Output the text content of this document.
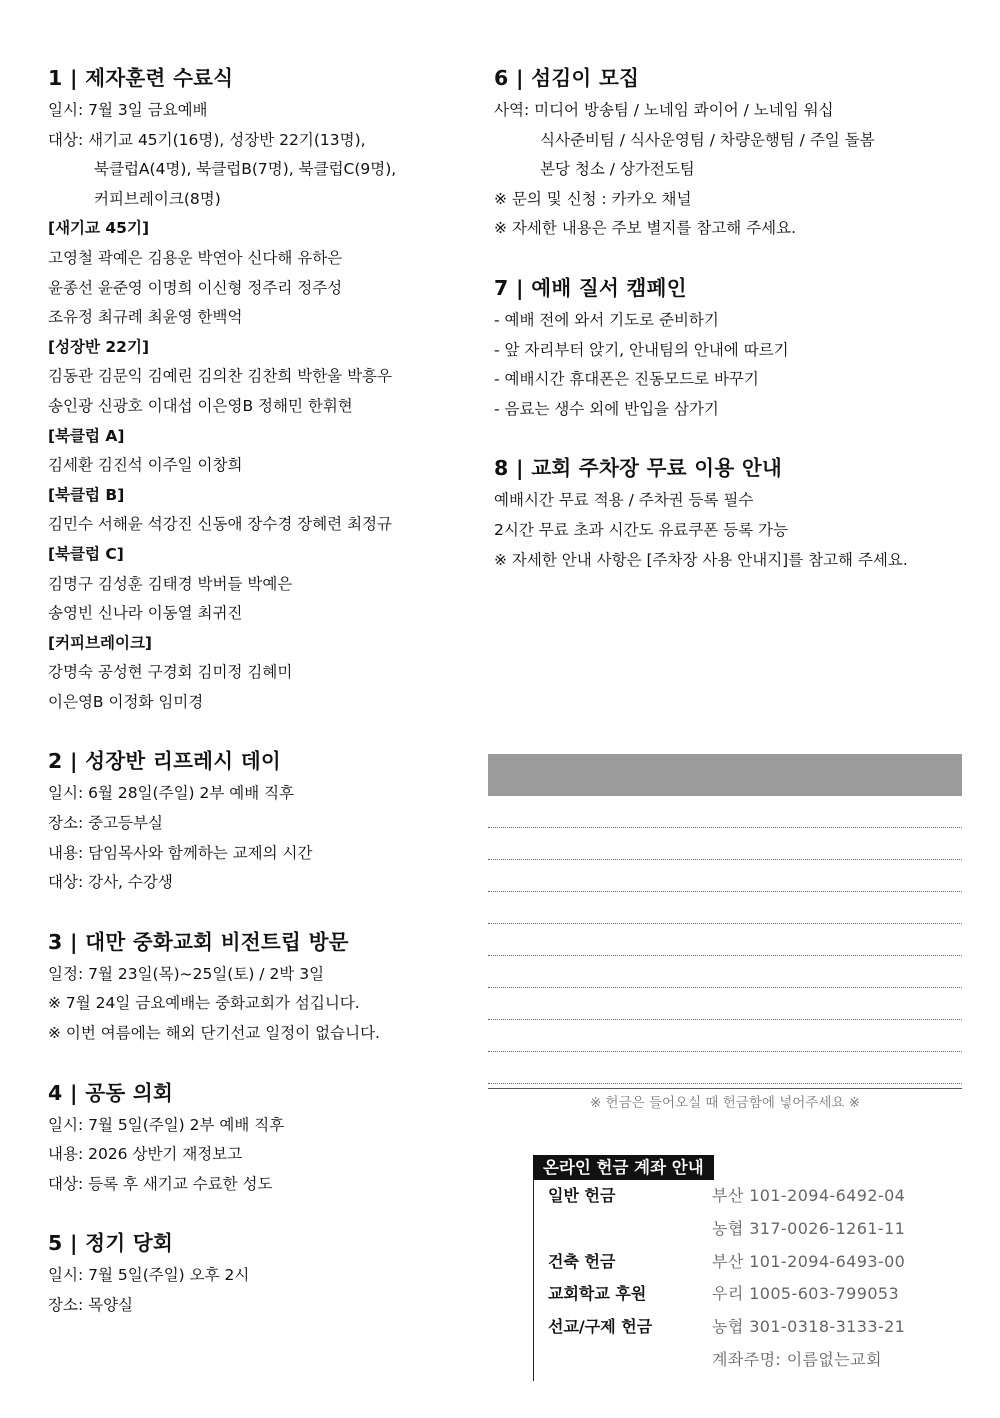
1 | 제자훈련 수료식
일시: 7월 3일 금요예배
대상: 새기교 45기(16명), 성장반 22기(13명),
북클럽A(4명), 북클럽B(7명), 북클럽C(9명),
커피브레이크(8명)
[새기교 45기]
고영철 곽예은 김용운 박연아 신다해 유하은
윤종선 윤준영 이명희 이신형 정주리 정주성
조유정 최규례 최윤영 한백억
[성장반 22기]
김동관 김문익 김예린 김의찬 김찬희 박한울 박흥우
송인광 신광호 이대섭 이은영B 정해민 한휘현
[북클럽 A]
김세환 김진석 이주일 이창희
[북클럽 B]
김민수 서해윤 석강진 신동애 장수경 장혜련 최정규
[북클럽 C]
김명구 김성훈 김태경 박버들 박예은
송영빈 신나라 이동열 최귀진
[커피브레이크]
강명숙 공성현 구경회 김미정 김혜미
이은영B 이정화 임미경
2 | 성장반 리프레시 데이
일시: 6월 28일(주일) 2부 예배 직후
장소: 중고등부실
내용: 담임목사와 함께하는 교제의 시간
대상: 강사, 수강생
3 | 대만 중화교회 비전트립 방문
일정: 7월 23일(목)~25일(토) / 2박 3일
※ 7월 24일 금요예배는 중화교회가 섬깁니다.
※ 이번 여름에는 해외 단기선교 일정이 없습니다.
4 | 공동 의회
일시: 7월 5일(주일) 2부 예배 직후
내용: 2026 상반기 재정보고
대상: 등록 후 새기교 수료한 성도
5 | 정기 당회
일시: 7월 5일(주일) 오후 2시
장소: 목양실
6 | 섬김이 모집
사역: 미디어 방송팀 / 노네임 콰이어 / 노네임 워십
식사준비팀 / 식사운영팀 / 차량운행팀 / 주일 돌봄
본당 청소 / 상가전도팀
※ 문의 및 신청 : 카카오 채널
※ 자세한 내용은 주보 별지를 참고해 주세요.
7 | 예배 질서 캠페인
- 예배 전에 와서 기도로 준비하기
- 앞 자리부터 앉기, 안내팀의 안내에 따르기
- 예배시간 휴대폰은 진동모드로 바꾸기
- 음료는 생수 외에 반입을 삼가기
8 | 교회 주차장 무료 이용 안내
예배시간 무료 적용 / 주차권 등록 필수
2시간 무료 초과 시간도 유료쿠폰 등록 가능
※ 자세한 안내 사항은 [주차장 사용 안내지]를 참고해 주세요.
※ 헌금은 들어오실 때 헌금함에 넣어주세요 ※
온라인 헌금 계좌 안내
일반 헌금	부산 101-2094-6492-04
농협 317-0026-1261-11
건축 헌금	부산 101-2094-6493-00
교회학교 후원	우리 1005-603-799053
선교/구제 헌금	농협 301-0318-3133-21
계좌주명: 이름없는교회
